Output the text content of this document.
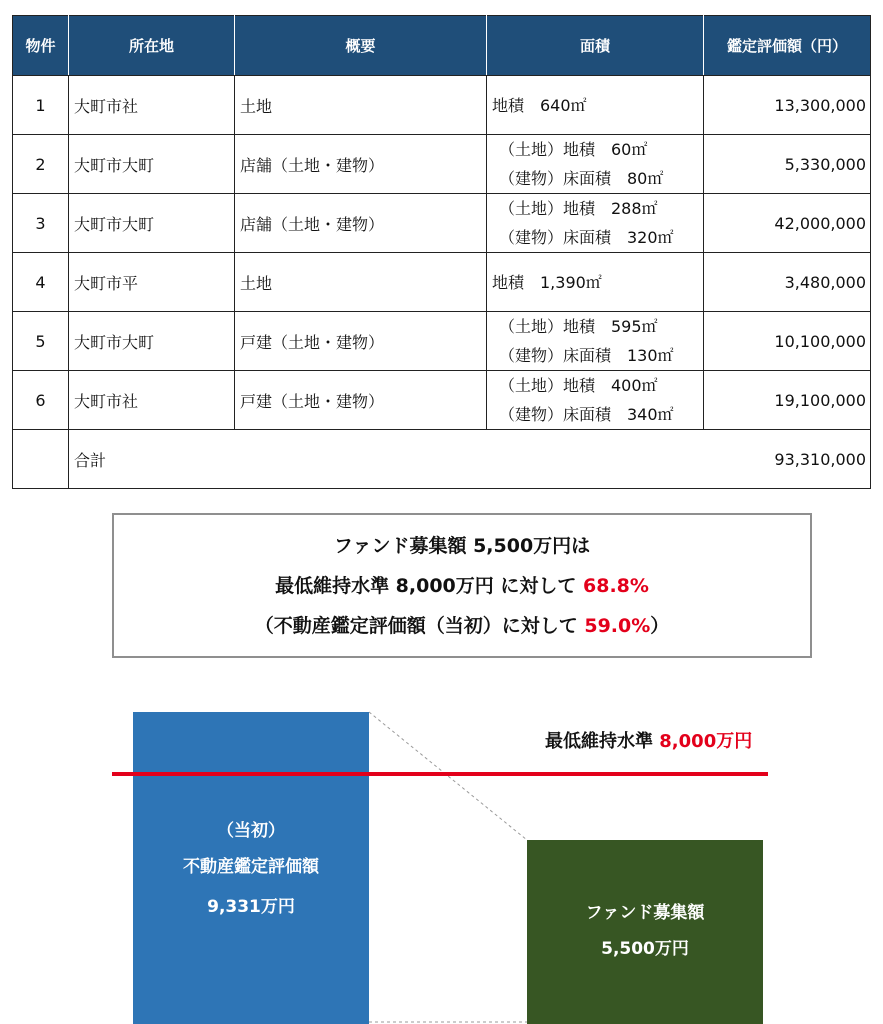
物件	所在地	概要	面積	鑑定評価額（円）
1	大町市社	土地	地積　640㎡	13,300,000
2	大町市大町	店舗（土地・建物）	（土地）地積　60㎡
（建物）床面積　80㎡	5,330,000
3	大町市大町	店舗（土地・建物）	（土地）地積　288㎡
（建物）床面積　320㎡	42,000,000
4	大町市平	土地	地積　1,390㎡	3,480,000
5	大町市大町	戸建（土地・建物）	（土地）地積　595㎡
（建物）床面積　130㎡	10,100,000
6	大町市社	戸建（土地・建物）	（土地）地積　400㎡
（建物）床面積　340㎡	19,100,000
	合計			93,310,000
ファンド募集額 5,500万円は
最低維持水準 8,000万円 に対して 68.8%
（不動産鑑定評価額（当初）に対して 59.0%）
（当初）
不動産鑑定評価額
9,331万円	ファンド募集額
5,500万円
最低維持水準 8,000万円
